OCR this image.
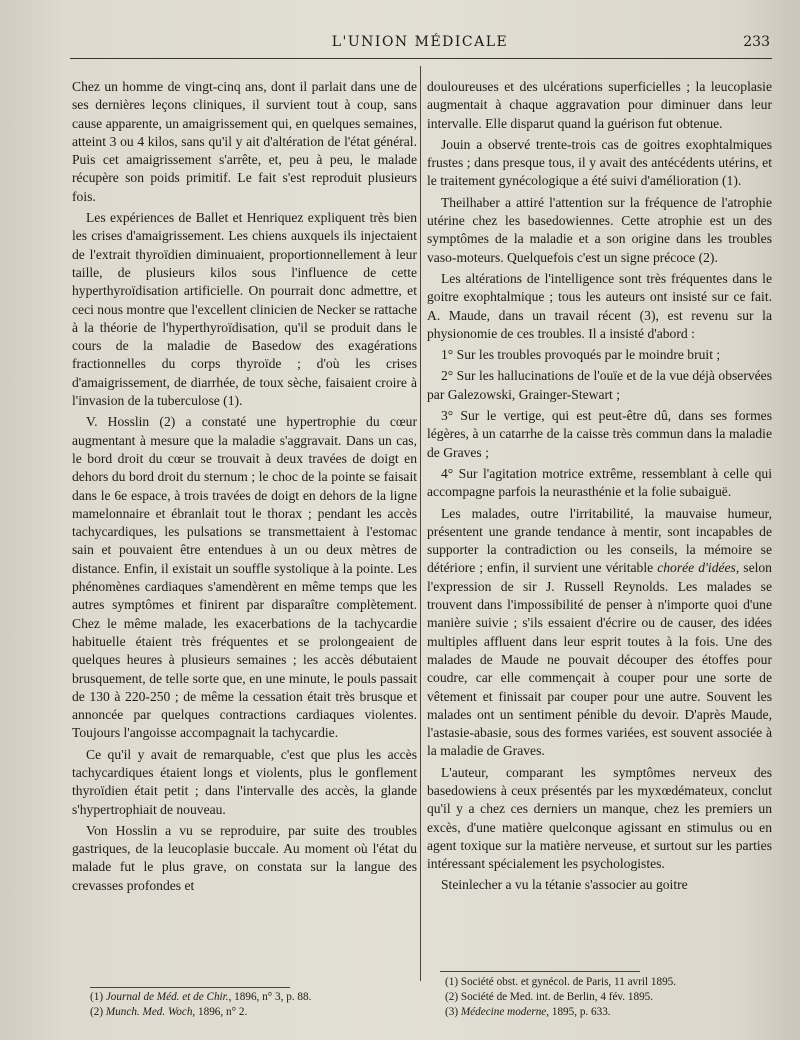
L'UNION MÉDICALE	233

Chez un homme de vingt-cinq ans, dont il parlait dans une de ses dernières leçons cliniques, il survient tout à coup, sans cause apparente, un amaigrissement qui, en quelques semaines, atteint 3 ou 4 kilos, sans qu'il y ait d'altération de l'état général. Puis cet amaigrissement s'arrête, et, peu à peu, le malade récupère son poids primitif. Le fait s'est reproduit plusieurs fois.

Les expériences de Ballet et Henriquez expliquent très bien les crises d'amaigrissement. Les chiens auxquels ils injectaient de l'extrait thyroïdien diminuaient, proportionnellement à leur taille, de plusieurs kilos sous l'influence de cette hyperthyroïdisation artificielle. On pourrait donc admettre, et ceci nous montre que l'excellent clinicien de Necker se rattache à la théorie de l'hyperthyroïdisation, qu'il se produit dans le cours de la maladie de Basedow des exagérations fractionnelles du corps thyroïde ; d'où les crises d'amaigrissement, de diarrhée, de toux sèche, faisaient croire à l'invasion de la tuberculose (1).

V. Hosslin (2) a constaté une hypertrophie du cœur augmentant à mesure que la maladie s'aggravait. Dans un cas, le bord droit du cœur se trouvait à deux travées de doigt en dehors du bord droit du sternum ; le choc de la pointe se faisait dans le 6e espace, à trois travées de doigt en dehors de la ligne mamelonnaire et ébranlait tout le thorax ; pendant les accès tachycardiques, les pulsations se transmettaient à l'estomac sain et pouvaient être entendues à un ou deux mètres de distance. Enfin, il existait un souffle systolique à la pointe. Les phénomènes cardiaques s'amendèrent en même temps que les autres symptômes et finirent par disparaître complètement. Chez le même malade, les exacerbations de la tachycardie habituelle étaient très fréquentes et se prolongeaient de quelques heures à plusieurs semaines ; les accès débutaient brusquement, de telle sorte que, en une minute, le pouls passait de 130 à 220-250 ; de même la cessation était très brusque et annoncée par quelques contractions cardiaques violentes. Toujours l'angoisse accompagnait la tachycardie.

Ce qu'il y avait de remarquable, c'est que plus les accès tachycardiques étaient longs et violents, plus le gonflement thyroïdien était petit ; dans l'intervalle des accès, la glande s'hypertrophiait de nouveau.

Von Hosslin a vu se reproduire, par suite des troubles gastriques, de la leucoplasie buccale. Au moment où l'état du malade fut le plus grave, on constata sur la langue des crevasses profondes et

(1) Journal de Méd. et de Chir., 1896, n° 3, p. 88.

(2) Munch. Med. Woch, 1896, n° 2.

douloureuses et des ulcérations superficielles ; la leucoplasie augmentait à chaque aggravation pour diminuer dans leur intervalle. Elle disparut quand la guérison fut obtenue.

Jouin a observé trente-trois cas de goitres exophtalmiques frustes ; dans presque tous, il y avait des antécédents utérins, et le traitement gynécologique a été suivi d'amélioration (1).

Theilhaber a attiré l'attention sur la fréquence de l'atrophie utérine chez les basedowiennes. Cette atrophie est un des symptômes de la maladie et a son origine dans les troubles vaso-moteurs. Quelquefois c'est un signe précoce (2).

Les altérations de l'intelligence sont très fréquentes dans le goitre exophtalmique ; tous les auteurs ont insisté sur ce fait. A. Maude, dans un travail récent (3), est revenu sur la physionomie de ces troubles. Il a insisté d'abord :

1° Sur les troubles provoqués par le moindre bruit ;

2° Sur les hallucinations de l'ouïe et de la vue déjà observées par Galezowski, Grainger-Stewart ;

3° Sur le vertige, qui est peut-être dû, dans ses formes légères, à un catarrhe de la caisse très commun dans la maladie de Graves ;

4° Sur l'agitation motrice extrême, ressemblant à celle qui accompagne parfois la neurasthénie et la folie subaiguë.

Les malades, outre l'irritabilité, la mauvaise humeur, présentent une grande tendance à mentir, sont incapables de supporter la contradiction ou les conseils, la mémoire se détériore ; enfin, il survient une véritable chorée d'idées, selon l'expression de sir J. Russell Reynolds. Les malades se trouvent dans l'impossibilité de penser à n'importe quoi d'une manière suivie ; s'ils essaient d'écrire ou de causer, des idées multiples affluent dans leur esprit toutes à la fois. Une des malades de Maude ne pouvait découper des étoffes pour coudre, car elle commençait à couper pour une sorte de vêtement et finissait par couper pour une autre. Souvent les malades ont un sentiment pénible du devoir. D'après Maude, l'astasie-abasie, sous des formes variées, est souvent associée à la maladie de Graves.

L'auteur, comparant les symptômes nerveux des basedowiens à ceux présentés par les myxœdémateux, conclut qu'il y a chez ces derniers un manque, chez les premiers un excès, d'une matière quelconque agissant en stimulus ou en agent toxique sur la matière nerveuse, et surtout sur les parties intéressant spécialement les psychologistes.

Steinlecher a vu la tétanie s'associer au goitre

(1) Société obst. et gynécol. de Paris, 11 avril 1895.

(2) Société de Med. int. de Berlin, 4 fév. 1895.

(3) Médecine moderne, 1895, p. 633.
